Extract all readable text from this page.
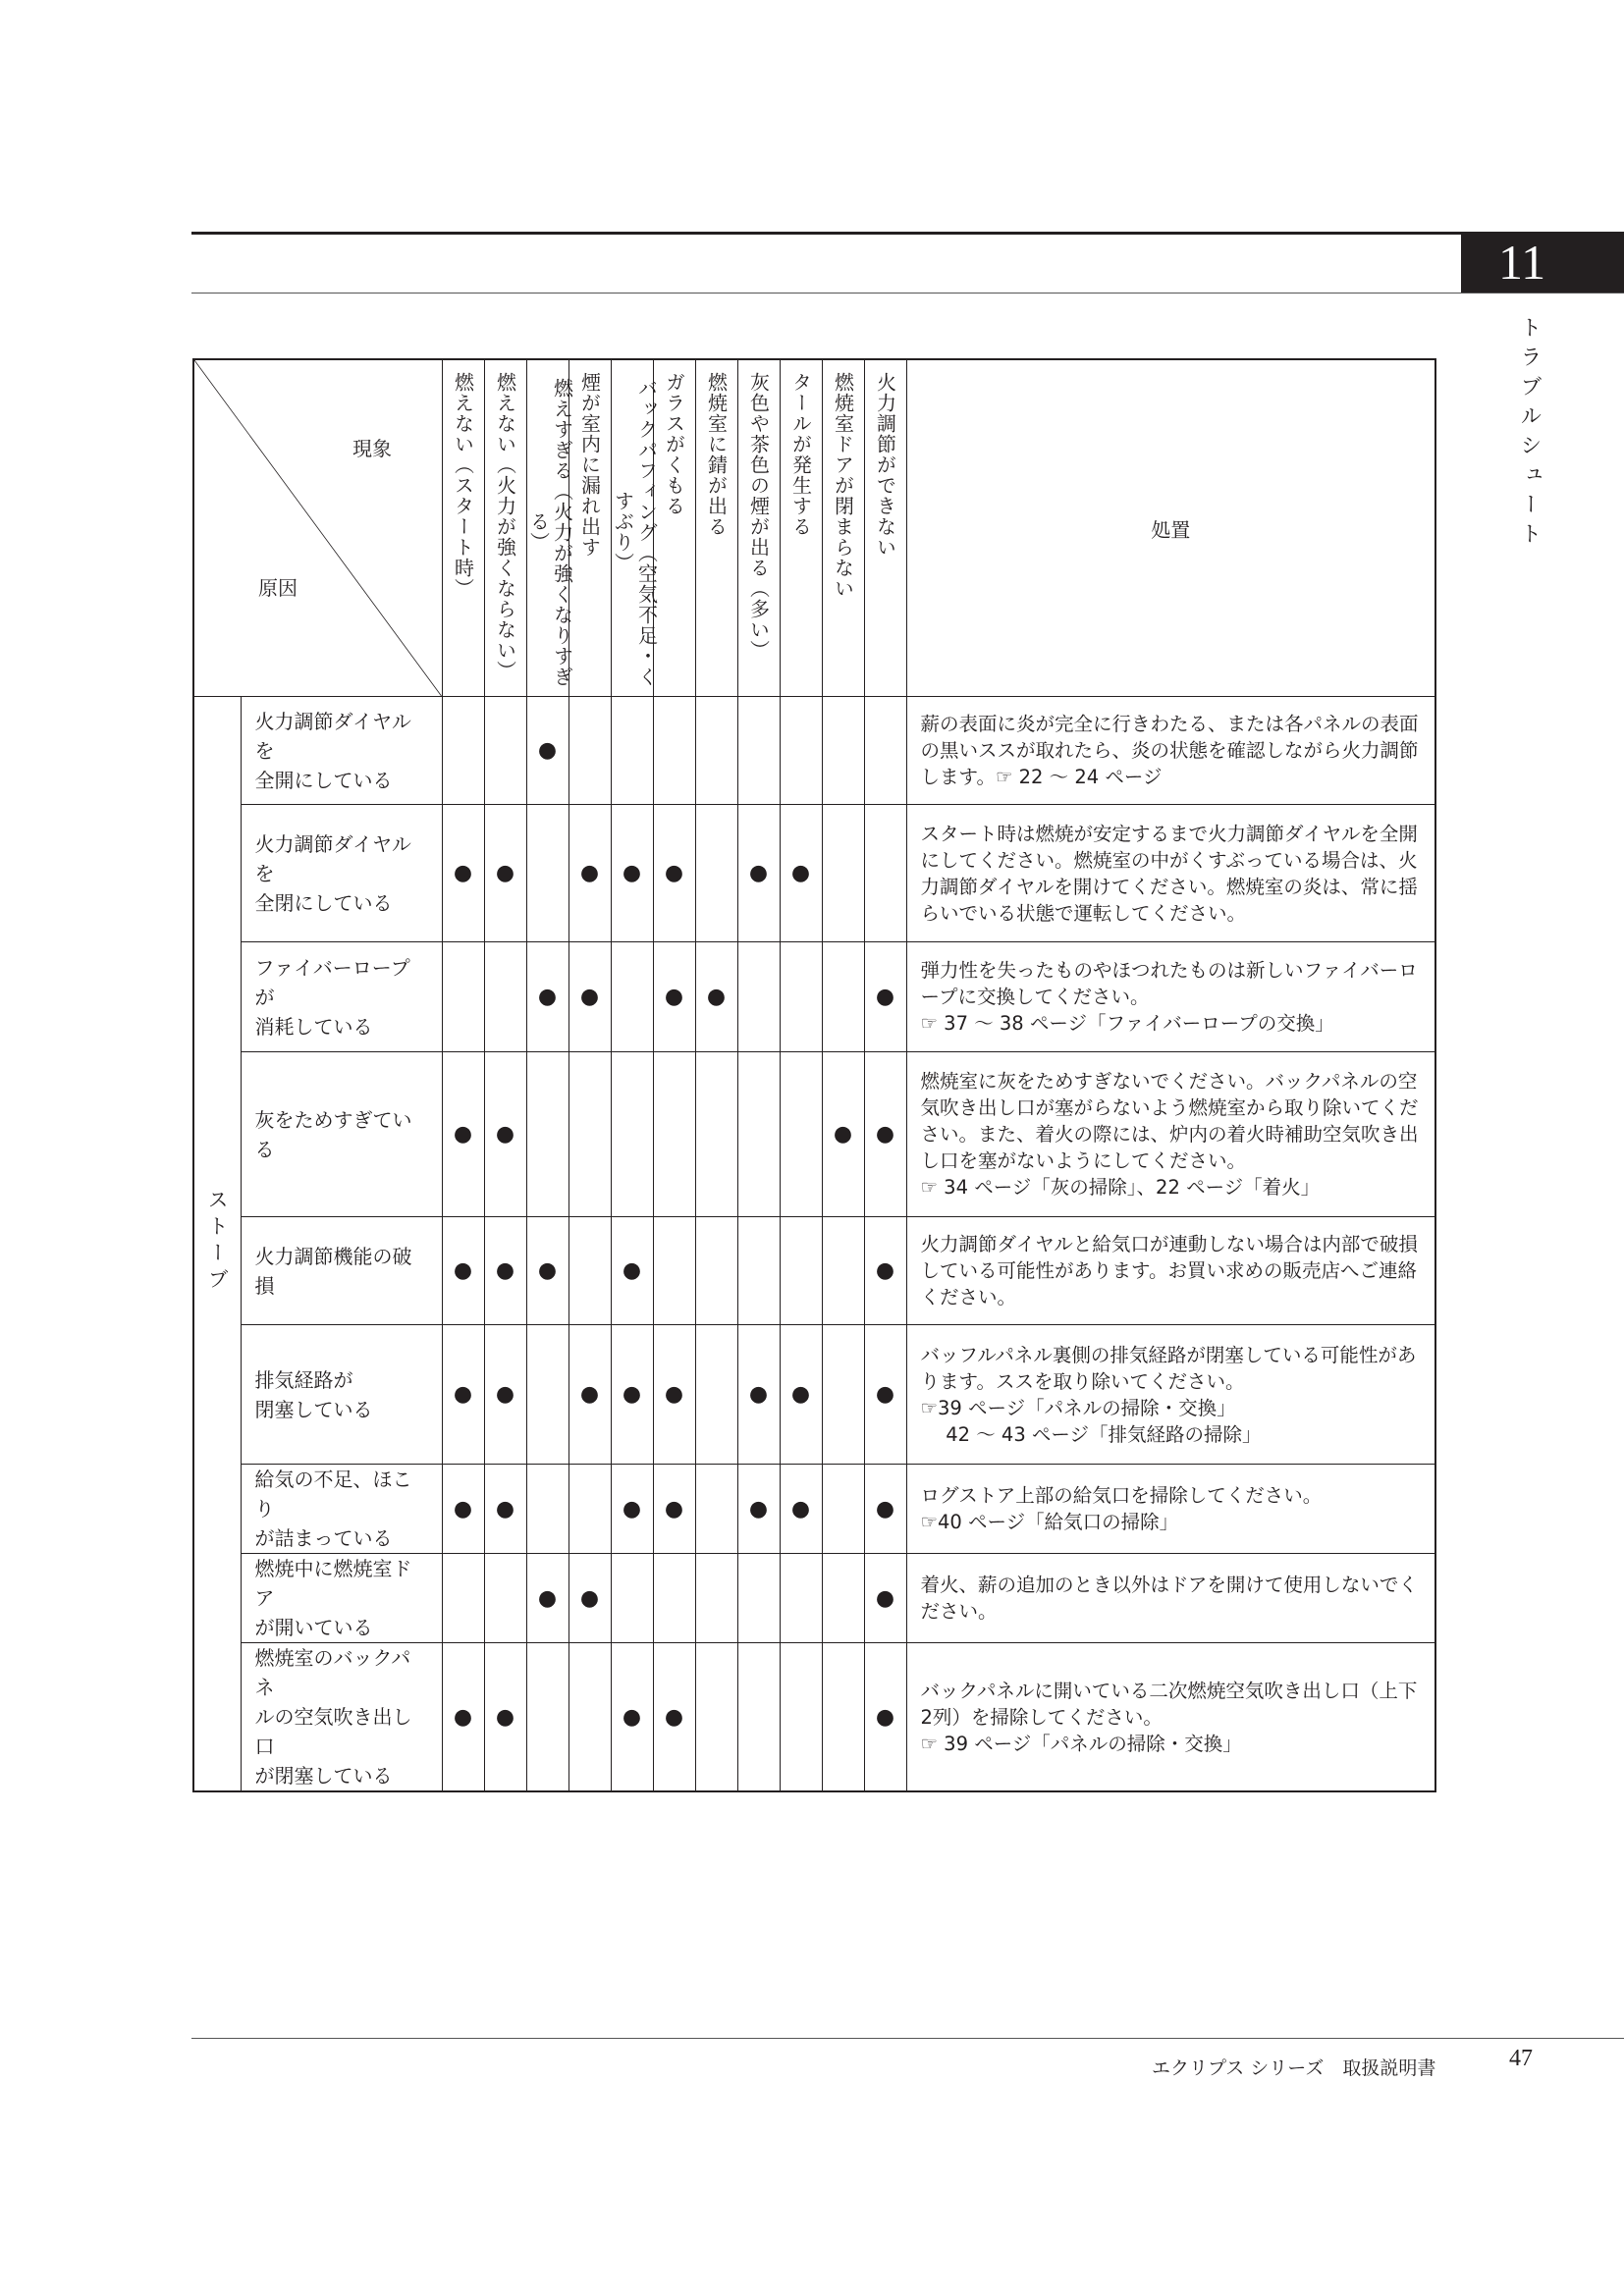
11
トラブルシュート
現象
原因		燃えない（スタート時）	燃えない（火力が強くならない）	燃えすぎる（火力が強くなりすぎる）	煙が室内に漏れ出す	バックパフィング（空気不足・くすぶり）	ガラスがくもる	燃焼室に錆が出る	灰色や茶色の煙が出る（多い）	タールが発生する	燃焼室ドアが閉まらない	火力調節ができない	処置
ストーブ	火力調節ダイヤルを
全開にしている			●									薪の表面に炎が完全に行きわたる、または各パネルの表面の黒いススが取れたら、炎の状態を確認しながら火力調節します。☞ 22 ～ 24 ページ
	火力調節ダイヤルを
全閉にしている	●	●		●	●	●		●	●			スタート時は燃焼が安定するまで火力調節ダイヤルを全開にしてください。燃焼室の中がくすぶっている場合は、火力調節ダイヤルを開けてください。燃焼室の炎は、常に揺らいでいる状態で運転してください。
	ファイバーロープが
消耗している			●	●		●	●				●	弾力性を失ったものやほつれたものは新しいファイバーロープに交換してください。
☞ 37 ～ 38 ページ「ファイバーロープの交換」
	灰をためすぎている	●	●								●	●	燃焼室に灰をためすぎないでください。バックパネルの空気吹き出し口が塞がらないよう燃焼室から取り除いてください。また、着火の際には、炉内の着火時補助空気吹き出し口を塞がないようにしてください。
☞ 34 ページ「灰の掃除」、22 ページ「着火」
	火力調節機能の破損	●	●	●		●						●	火力調節ダイヤルと給気口が連動しない場合は内部で破損している可能性があります。お買い求めの販売店へご連絡ください。
	排気経路が
閉塞している	●	●		●	●	●		●	●		●	バッフルパネル裏側の排気経路が閉塞している可能性があります。ススを取り除いてください。
☞39 ページ「パネルの掃除・交換」
　 42 ～ 43 ページ「排気経路の掃除」
	給気の不足、ほこり
が詰まっている	●	●			●	●		●	●		●	ログストア上部の給気口を掃除してください。
☞40 ページ「給気口の掃除」
	燃焼中に燃焼室ドア
が開いている			●	●							●	着火、薪の追加のとき以外はドアを開けて使用しないでください。
	燃焼室のバックパネ
ルの空気吹き出し口
が閉塞している	●	●			●	●					●	バックパネルに開いている二次燃焼空気吹き出し口（上下2列）を掃除してください。
☞ 39 ページ「パネルの掃除・交換」
エクリプス シリーズ　取扱説明書	47
